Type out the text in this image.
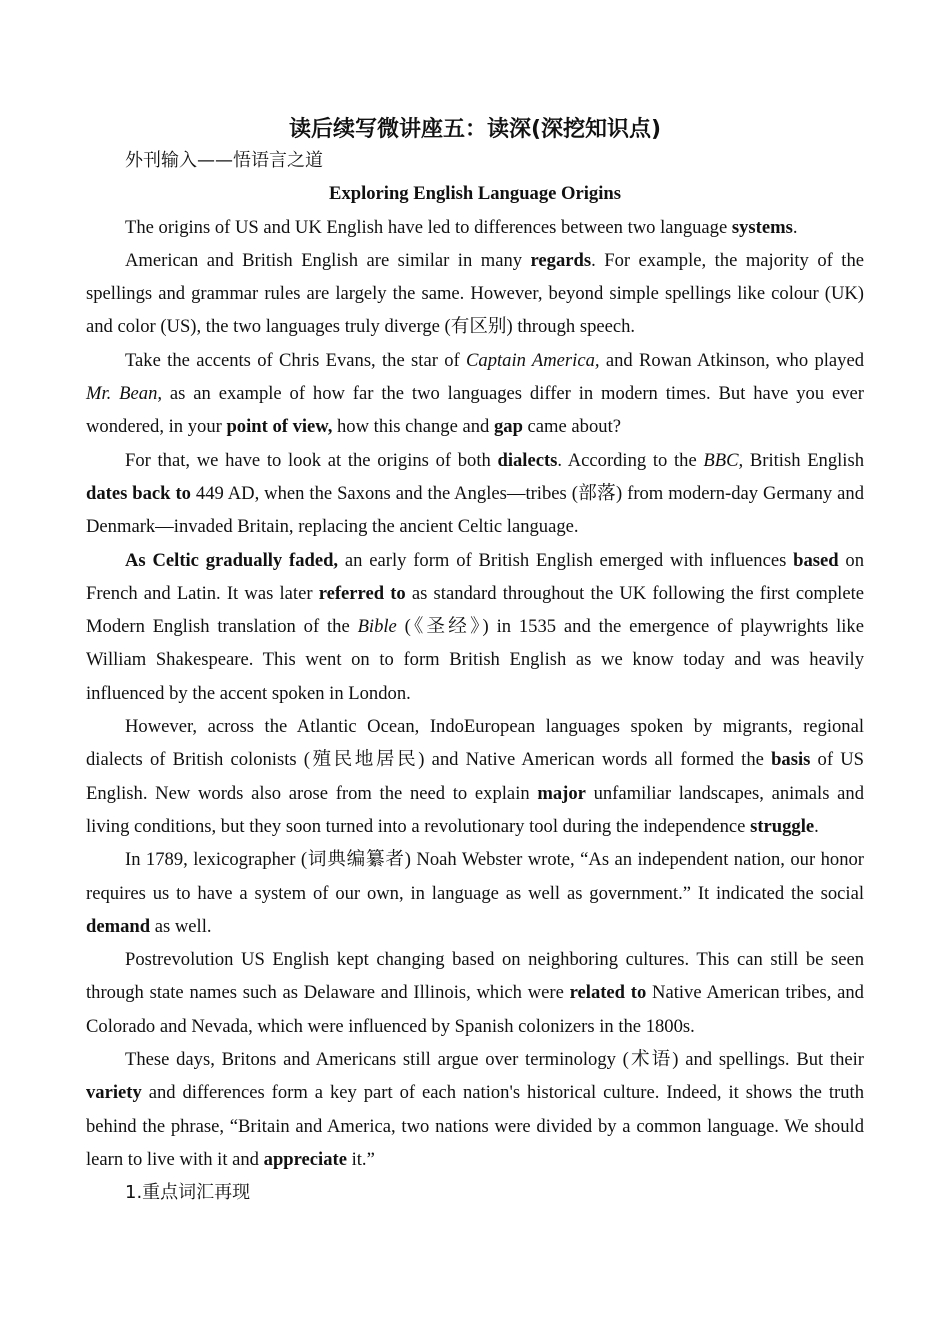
读后续写微讲座五：读深(深挖知识点)
外刊输入——悟语言之道
Exploring English Language Origins

The origins of US and UK English have led to differences between two language systems.

American and British English are similar in many regards. For example, the majority of the spellings and grammar rules are largely the same. However, beyond simple spellings like colour (UK) and color (US), the two languages truly diverge (有区别) through speech.

Take the accents of Chris Evans, the star of Captain America, and Rowan Atkinson, who played Mr. Bean, as an example of how far the two languages differ in modern times. But have you ever wondered, in your point of view, how this change and gap came about?

For that, we have to look at the origins of both dialects. According to the BBC, British English dates back to 449 AD, when the Saxons and the Angles—tribes (部落) from modern-day Germany and Denmark—invaded Britain, replacing the ancient Celtic language.

As Celtic gradually faded, an early form of British English emerged with influences based on French and Latin. It was later referred to as standard throughout the UK following the first complete Modern English translation of the Bible (《圣经》) in 1535 and the emergence of playwrights like William Shakespeare. This went on to form British English as we know today and was heavily influenced by the accent spoken in London.

However, across the Atlantic Ocean, IndoEuropean languages spoken by migrants, regional dialects of British colonists (殖民地居民) and Native American words all formed the basis of US English. New words also arose from the need to explain major unfamiliar landscapes, animals and living conditions, but they soon turned into a revolutionary tool during the independence struggle.

In 1789, lexicographer (词典编纂者) Noah Webster wrote, “As an independent nation, our honor requires us to have a system of our own, in language as well as government.” It indicated the social demand as well.

Postrevolution US English kept changing based on neighboring cultures. This can still be seen through state names such as Delaware and Illinois, which were related to Native American tribes, and Colorado and Nevada, which were influenced by Spanish colonizers in the 1800s.

These days, Britons and Americans still argue over terminology (术语) and spellings. But their variety and differences form a key part of each nation's historical culture. Indeed, it shows the truth behind the phrase, “Britain and America, two nations were divided by a common language. We should learn to live with it and appreciate it.”

1.重点词汇再现
